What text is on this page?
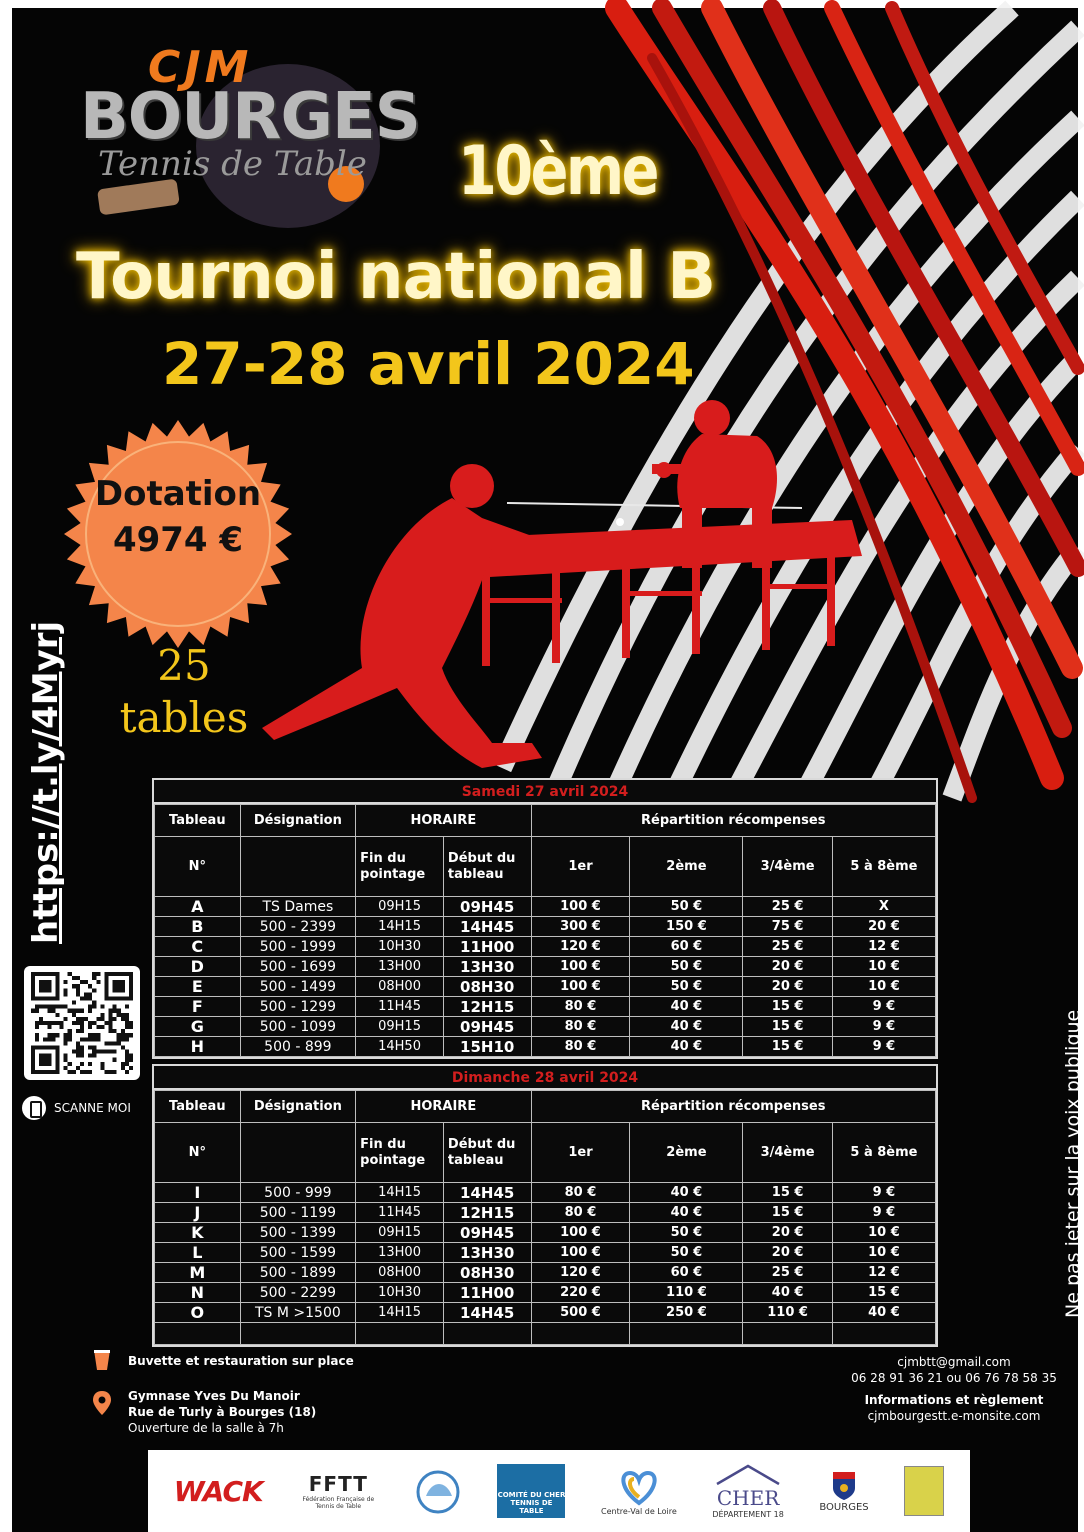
CJM
BOURGES
Tennis de Table 10ème
Tournoi national B
27-28 avril 2024
Dotation
4974 €
25
tables
https://t.ly/4Myrj
SCANNE MOI	Ne pas jeter sur la voix publique
Samedi 27 avril 2024
Tableau	Désignation	HORAIRE		Répartition récompenses			
N°		Fin du pointage	Début du tableau	1er	2ème	3/4ème	5 à 8ème
A	TS Dames	09H15	09H45	100 €	50 €	25 €	X
B	500 - 2399	14H15	14H45	300 €	150 €	75 €	20 €
C	500 - 1999	10H30	11H00	120 €	60 €	25 €	12 €
D	500 - 1699	13H00	13H30	100 €	50 €	20 €	10 €
E	500 - 1499	08H00	08H30	100 €	50 €	20 €	10 €
F	500 - 1299	11H45	12H15	80 €	40 €	15 €	9 €
G	500 - 1099	09H15	09H45	80 €	40 €	15 €	9 €
H	500 - 899	14H50	15H10	80 €	40 €	15 €	9 €
Dimanche 28 avril 2024
Tableau	Désignation	HORAIRE		Répartition récompenses			
N°		Fin du pointage	Début du tableau	1er	2ème	3/4ème	5 à 8ème
I	500 - 999	14H15	14H45	80 €	40 €	15 €	9 €
J	500 - 1199	11H45	12H15	80 €	40 €	15 €	9 €
K	500 - 1399	09H15	09H45	100 €	50 €	20 €	10 €
L	500 - 1599	13H00	13H30	100 €	50 €	20 €	10 €
M	500 - 1899	08H00	08H30	120 €	60 €	25 €	12 €
N	500 - 2299	10H30	11H00	220 €	110 €	40 €	15 €
O	TS M >1500	14H15	14H45	500 €	250 €	110 €	40 €

Buvette et restauration sur place
Gymnase Yves Du Manoir
Rue de Turly à Bourges (18)
Ouverture de la salle à 7h
cjmbtt@gmail.com
06 28 91 36 21 ou 06 76 78 58 35
Informations et règlement
cjmbourgestt.e-monsite.com
WACK FFTT
Fédération Française de Tennis de Table
COMITÉ DU CHER TENNIS DE TABLE	Centre-Val de Loire
CHER
DÉPARTEMENT 18
BOURGES
